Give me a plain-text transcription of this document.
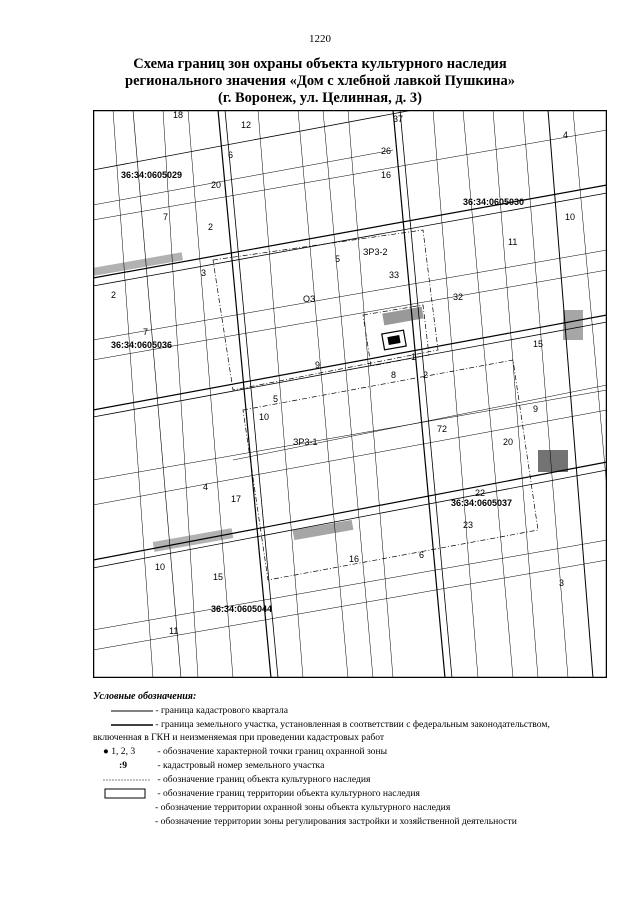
1220
Схема границ зон охраны объекта культурного наследия
регионального значения «Дом с хлебной лавкой Пушкина»
(г. Воронеж, ул. Целинная, д. 3)
36:34:0605029
36:34:0605030
36:34:0605036
36:34:0605037
36:34:0605044
ЗР3-2
ЗР3-1
ОЗ
18
12
37
4
6	26
16
20
7
2
10
11
5
33
3
32
2
15
7
9
8
1
2
5
10
72
20
9
4
17
22
23
16	6
10
15
3
11
Условные обозначения:
- граница кадастрового квартала
- граница земельного участка, установленная в соответствии с федеральным законодательством,
включенная в ГКН и неизменяемая при проведении кадастровых работ
● 1, 2, 3 - обозначение характерной точки границ охранной зоны
:9	- кадастровый номер земельного участка
- обозначение границ объекта культурного наследия
- обозначение границ территории объекта культурного наследия
- обозначение территории охранной зоны объекта культурного наследия
- обозначение территории зоны регулирования застройки и хозяйственной деятельности
